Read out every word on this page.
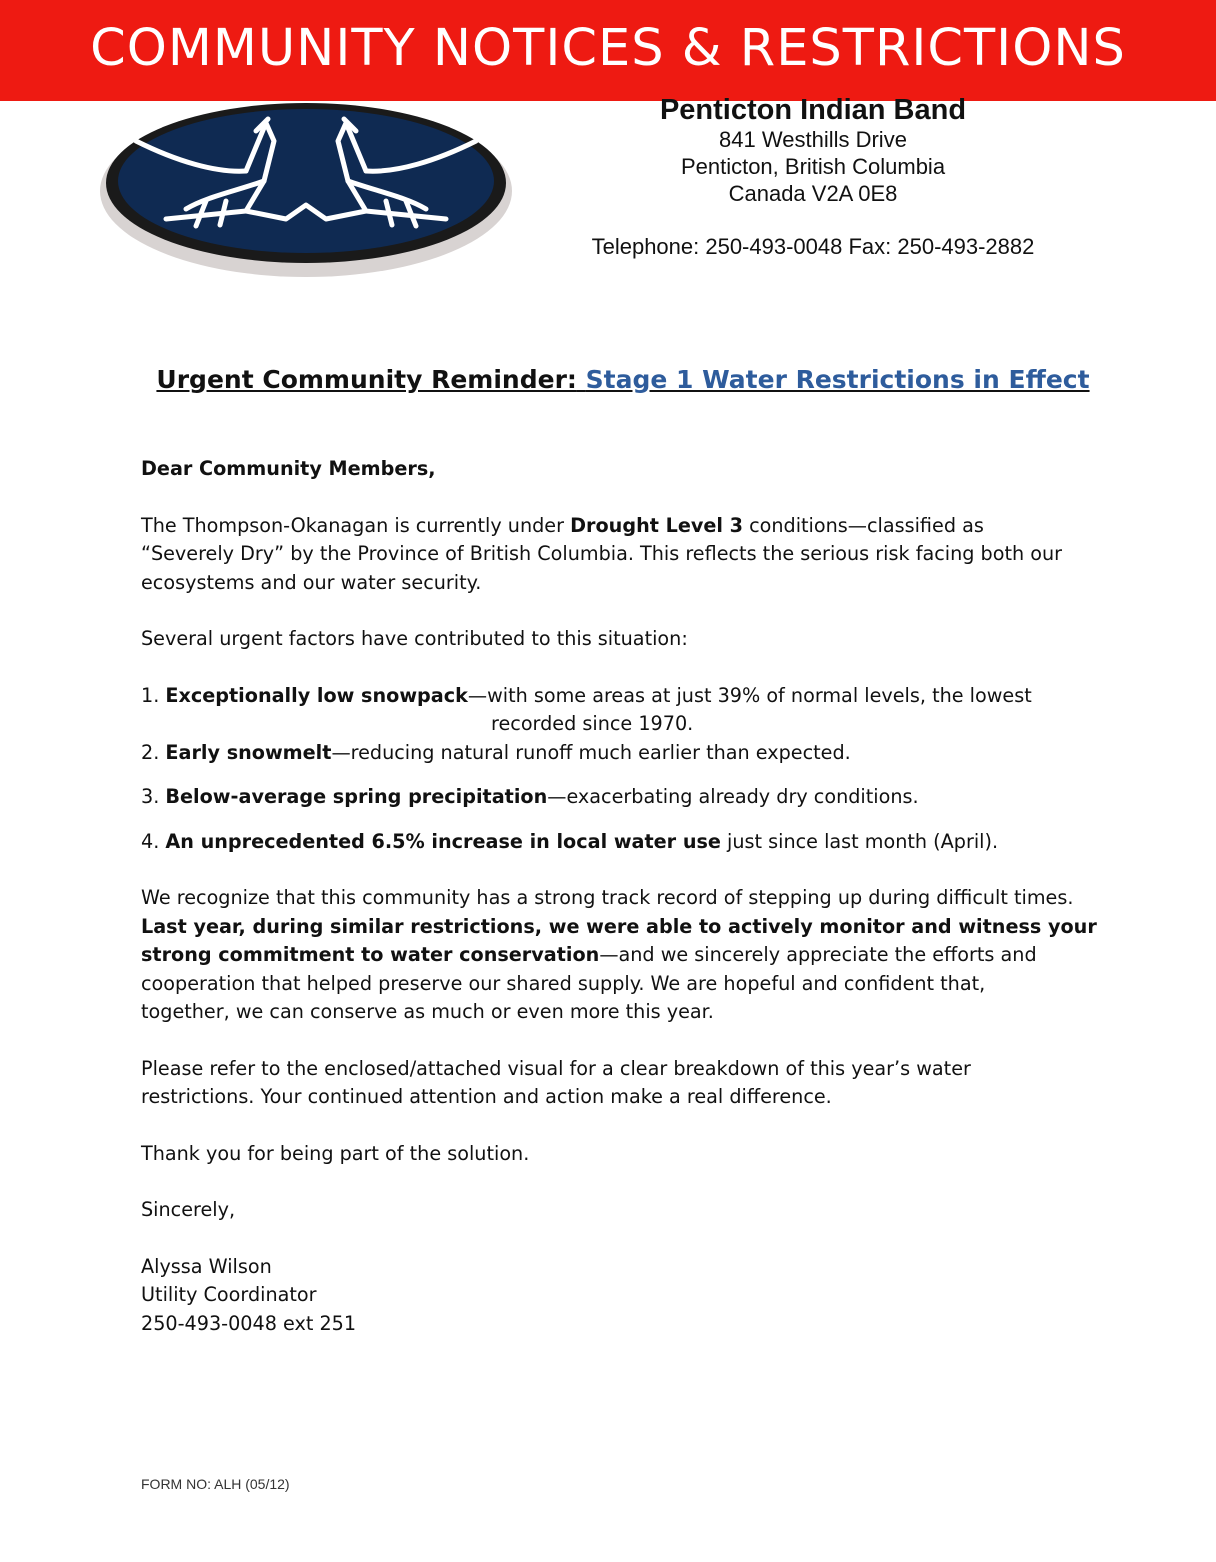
COMMUNITY NOTICES & RESTRICTIONS
Penticton Indian Band
841 Westhills Drive
Penticton, British Columbia
Canada V2A 0E8
Telephone: 250-493-0048 Fax: 250-493-2882
Urgent Community Reminder: Stage 1 Water Restrictions in Effect

Dear Community Members,

The Thompson-Okanagan is currently under Drought Level 3 conditions—classified as

“Severely Dry” by the Province of British Columbia. This reflects the serious risk facing both our

ecosystems and our water security.

Several urgent factors have contributed to this situation:

1. Exceptionally low snowpack—with some areas at just 39% of normal levels, the lowest

recorded since 1970.

2. Early snowmelt—reducing natural runoff much earlier than expected.

3. Below-average spring precipitation—exacerbating already dry conditions.

4. An unprecedented 6.5% increase in local water use just since last month (April).

We recognize that this community has a strong track record of stepping up during difficult times.

Last year, during similar restrictions, we were able to actively monitor and witness your

strong commitment to water conservation—and we sincerely appreciate the efforts and

cooperation that helped preserve our shared supply. We are hopeful and confident that,

together, we can conserve as much or even more this year.

Please refer to the enclosed/attached visual for a clear breakdown of this year’s water

restrictions. Your continued attention and action make a real difference.

Thank you for being part of the solution.

Sincerely,

Alyssa Wilson

Utility Coordinator

250-493-0048 ext 251

FORM NO: ALH (05/12)
